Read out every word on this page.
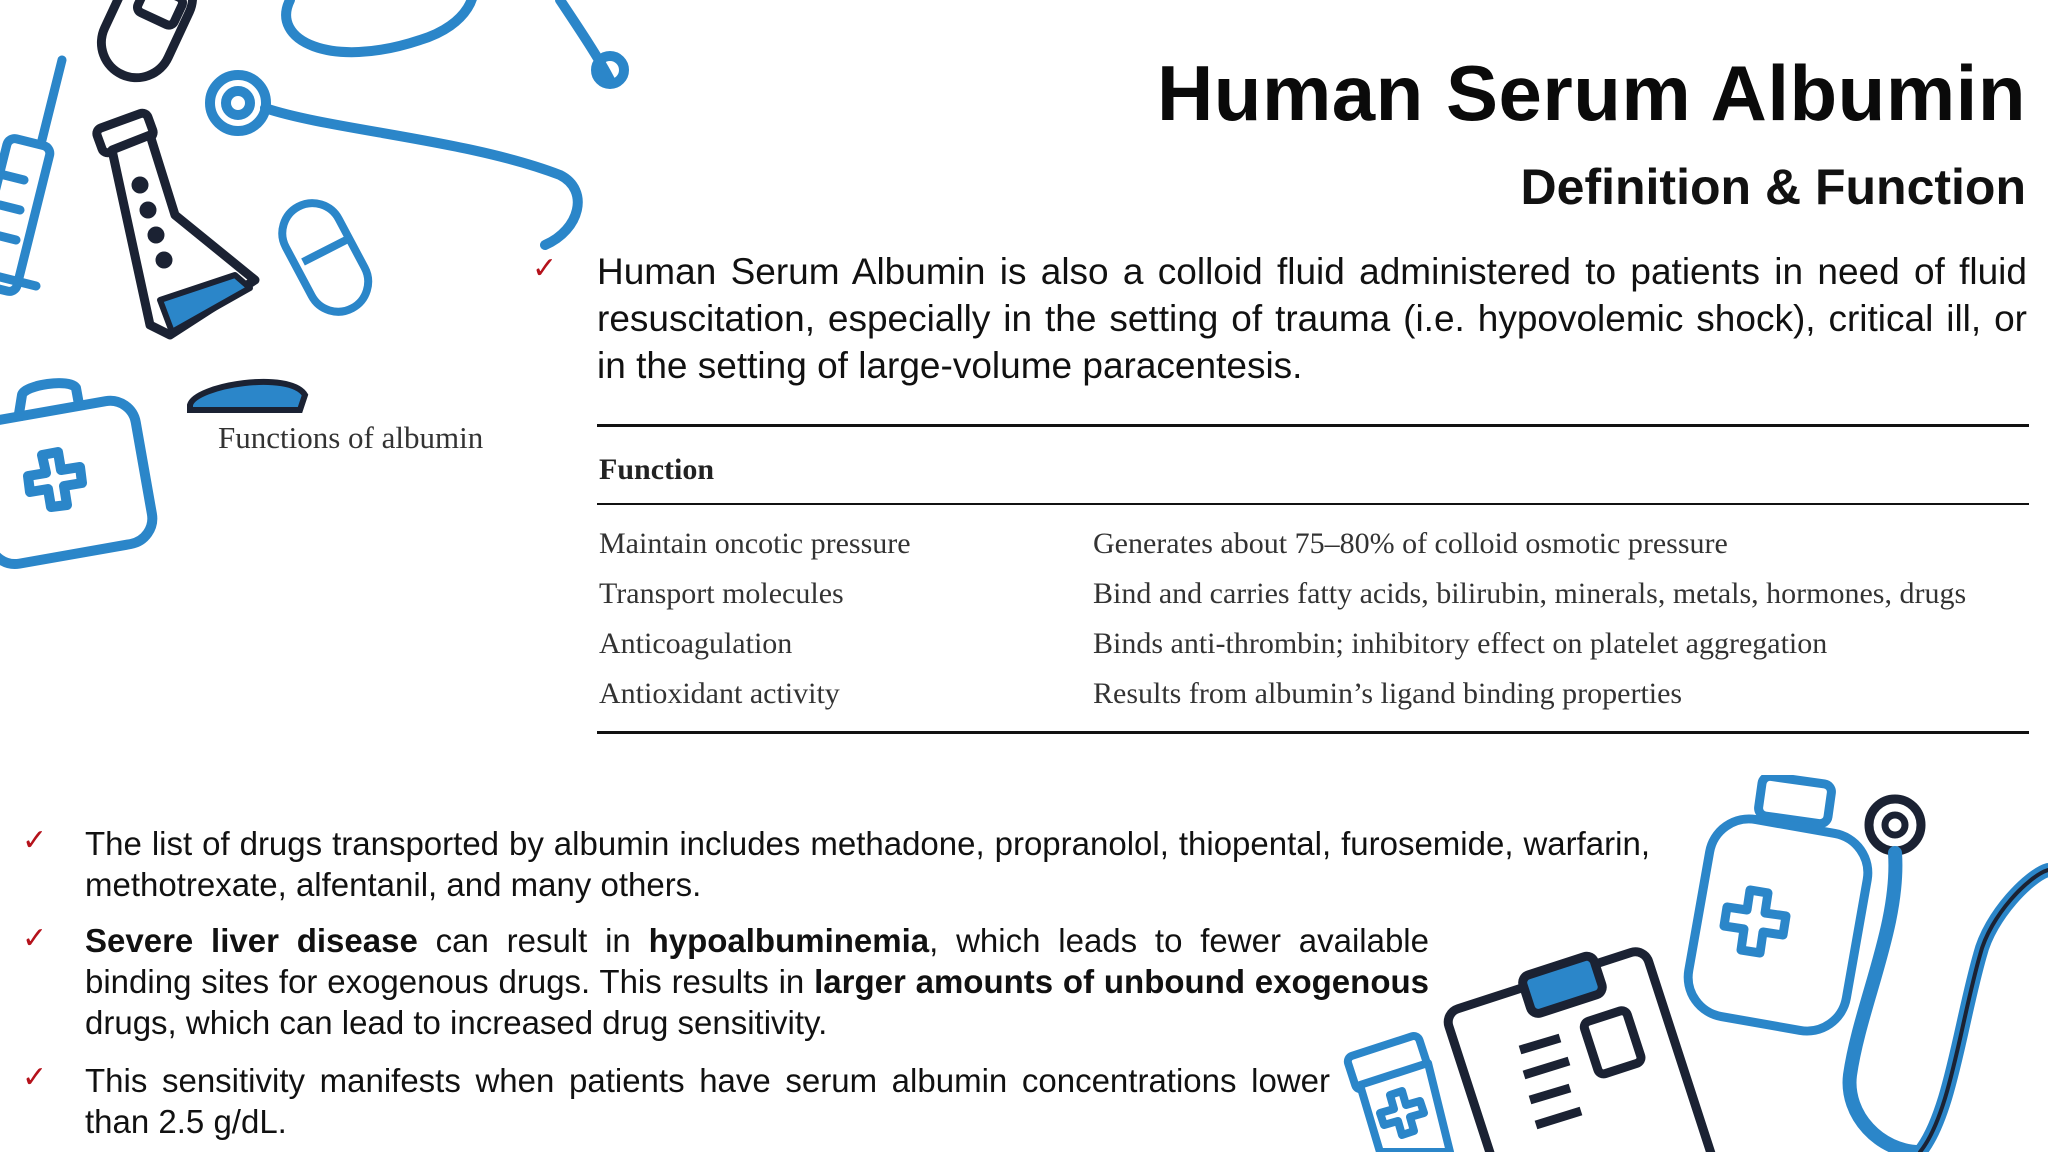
Human Serum Albumin
Definition & Function
✓ Human Serum Albumin is also a colloid fluid administered to patients in need of fluid resuscitation, especially in the setting of trauma (i.e. hypovolemic shock), critical ill, or in the setting of large-volume paracentesis.

Functions of albumin
Function
Maintain oncotic pressure	Generates about 75–80% of colloid osmotic pressure
Transport molecules	Bind and carries fatty acids, bilirubin, minerals, metals, hormones, drugs
Anticoagulation	Binds anti-thrombin; inhibitory effect on platelet aggregation
Antioxidant activity	Results from albumin’s ligand binding properties
✓ The list of drugs transported by albumin includes methadone, propranolol, thiopental, furosemide, warfarin, methotrexate, alfentanil, and many others.

✓ Severe liver disease can result in hypoalbuminemia, which leads to fewer available binding sites for exogenous drugs. This results in larger amounts of unbound exogenous drugs, which can lead to increased drug sensitivity.

✓ This sensitivity manifests when patients have serum albumin concentrations lower than 2.5 g/dL.
